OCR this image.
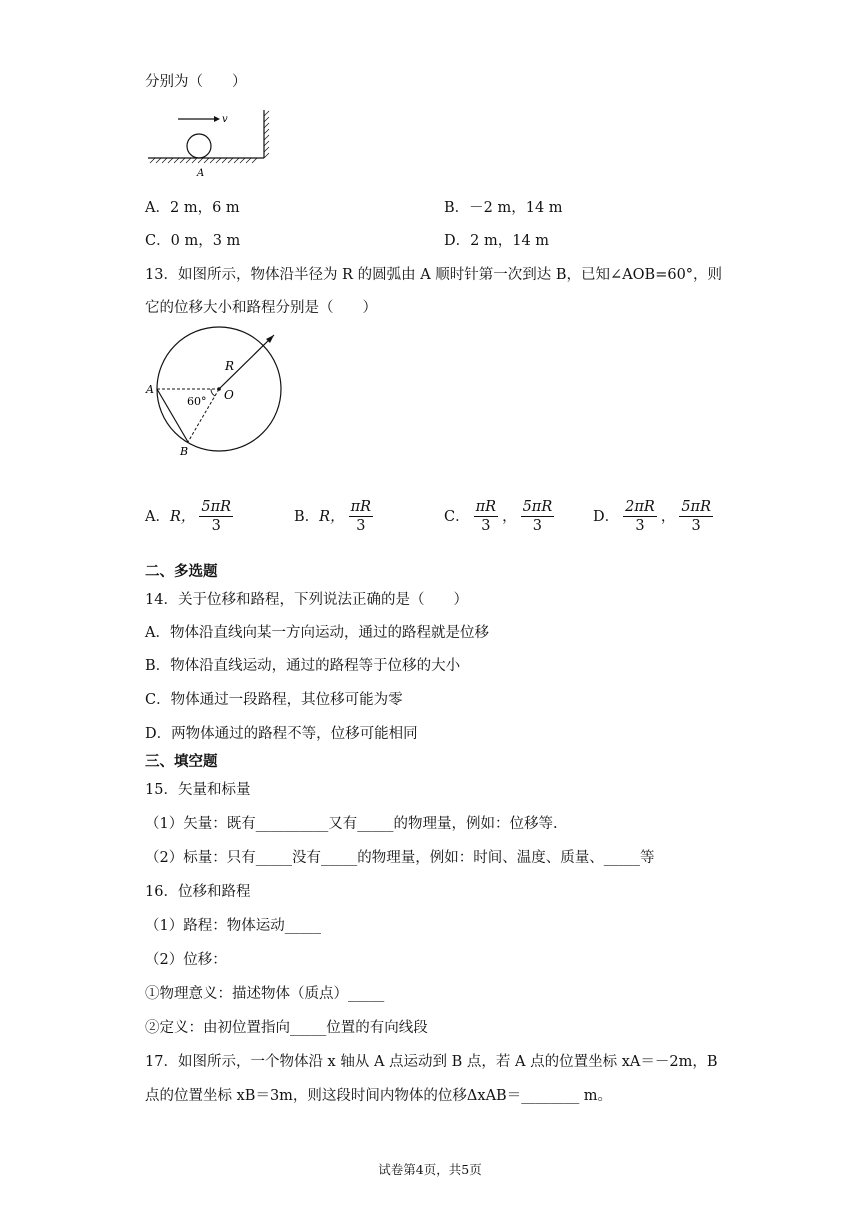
分别为（　　）
v
A
A．2 m，6 m	B．－2 m，14 m
C．0 m，3 m	D．2 m，14 m
13．如图所示，物体沿半径为 R 的圆弧由 A 顺时针第一次到达 B，已知∠AOB=60°，则
它的位移大小和路程分别是（　　）
R
A	O
B
60°
A． R， $\frac{5\pi R}{3}$	B． R， $\frac{\pi R}{3}$	C． $\frac{\pi R}{3}$ ， $\frac{5\pi R}{3}$	D． $\frac{2\pi R}{3}$ ， $\frac{5\pi R}{3}$
二、多选题
14．关于位移和路程，下列说法正确的是（　　）
A．物体沿直线向某一方向运动，通过的路程就是位移
B．物体沿直线运动，通过的路程等于位移的大小
C．物体通过一段路程，其位移可能为零
D．两物体通过的路程不等，位移可能相同
三、填空题
15．矢量和标量
（1）矢量：既有__________又有_____的物理量，例如：位移等.
（2）标量：只有_____没有_____的物理量，例如：时间、温度、质量、_____等
16．位移和路程
（1）路程：物体运动_____
（2）位移：
①物理意义：描述物体（质点）_____
②定义：由初位置指向_____位置的有向线段
17．如图所示，一个物体沿 x 轴从 A 点运动到 B 点，若 A 点的位置坐标 xA＝－2m，B
点的位置坐标 xB＝3m，则这段时间内物体的位移ΔxAB＝________ m。
试卷第4页，共5页
